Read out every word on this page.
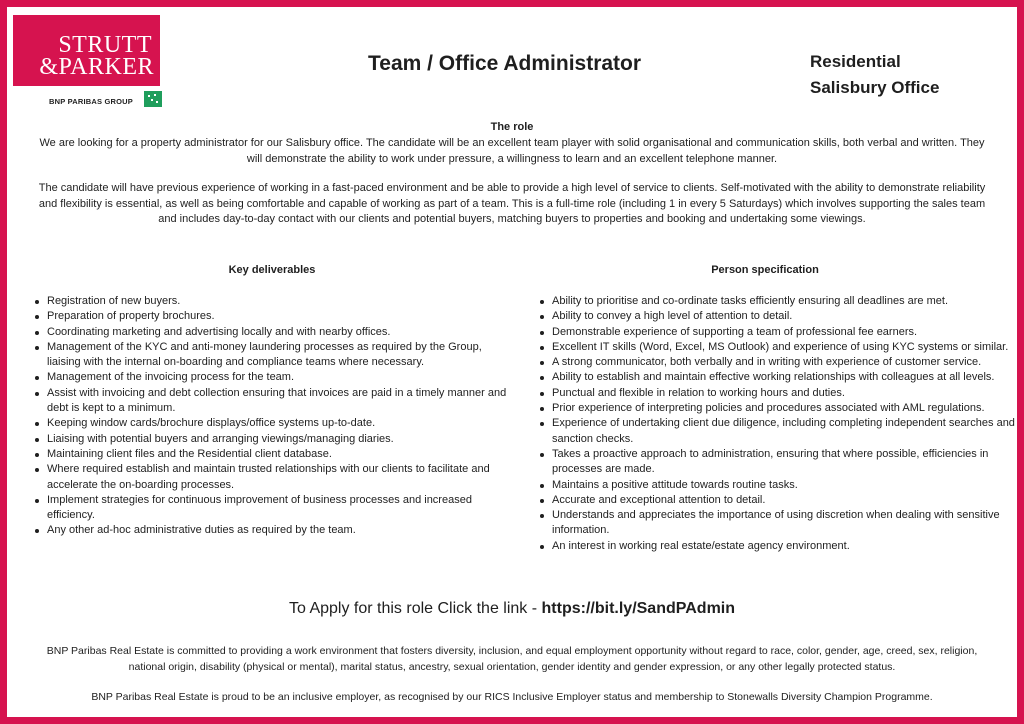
STRUTT
&PARKER
BNP PARIBAS GROUP
Team / Office Administrator	Residential
Salisbury Office
The role

We are looking for a property administrator for our Salisbury office. The candidate will be an excellent team player with solid organisational and communication skills, both verbal and written. They will demonstrate the ability to work under pressure, a willingness to learn and an excellent telephone manner.

The candidate will have previous experience of working in a fast-paced environment and be able to provide a high level of service to clients. Self-motivated with the ability to demonstrate reliability and flexibility is essential, as well as being comfortable and capable of working as part of a team. This is a full-time role (including 1 in every 5 Saturdays) which involves supporting the sales team and includes day-to-day contact with our clients and potential buyers, matching buyers to properties and booking and undertaking some viewings.

Key deliverables	Person specification
Registration of new buyers.
Preparation of property brochures.
Coordinating marketing and advertising locally and with nearby offices.
Management of the KYC and anti-money laundering processes as required by the Group, liaising with the internal on-boarding and compliance teams where necessary.
Management of the invoicing process for the team.
Assist with invoicing and debt collection ensuring that invoices are paid in a timely manner and debt is kept to a minimum.
Keeping window cards/brochure displays/office systems up-to-date.
Liaising with potential buyers and arranging viewings/managing diaries.
Maintaining client files and the Residential client database.
Where required establish and maintain trusted relationships with our clients to facilitate and accelerate the on-boarding processes.
Implement strategies for continuous improvement of business processes and increased efficiency.
Any other ad-hoc administrative duties as required by the team.
Ability to prioritise and co-ordinate tasks efficiently ensuring all deadlines are met.
Ability to convey a high level of attention to detail.
Demonstrable experience of supporting a team of professional fee earners.
Excellent IT skills (Word, Excel, MS Outlook) and experience of using KYC systems or similar.
A strong communicator, both verbally and in writing with experience of customer service.
Ability to establish and maintain effective working relationships with colleagues at all levels.
Punctual and flexible in relation to working hours and duties.
Prior experience of interpreting policies and procedures associated with AML regulations.
Experience of undertaking client due diligence, including completing independent searches and sanction checks.
Takes a proactive approach to administration, ensuring that where possible, efficiencies in processes are made.
Maintains a positive attitude towards routine tasks.
Accurate and exceptional attention to detail.
Understands and appreciates the importance of using discretion when dealing with sensitive information.
An interest in working real estate/estate agency environment.
To Apply for this role Click the link - https://bit.ly/SandPAdmin

BNP Paribas Real Estate is committed to providing a work environment that fosters diversity, inclusion, and equal employment opportunity without regard to race, color, gender, age, creed, sex, religion, national origin, disability (physical or mental), marital status, ancestry, sexual orientation, gender identity and gender expression, or any other legally protected status.

BNP Paribas Real Estate is proud to be an inclusive employer, as recognised by our RICS Inclusive Employer status and membership to Stonewalls Diversity Champion Programme.
